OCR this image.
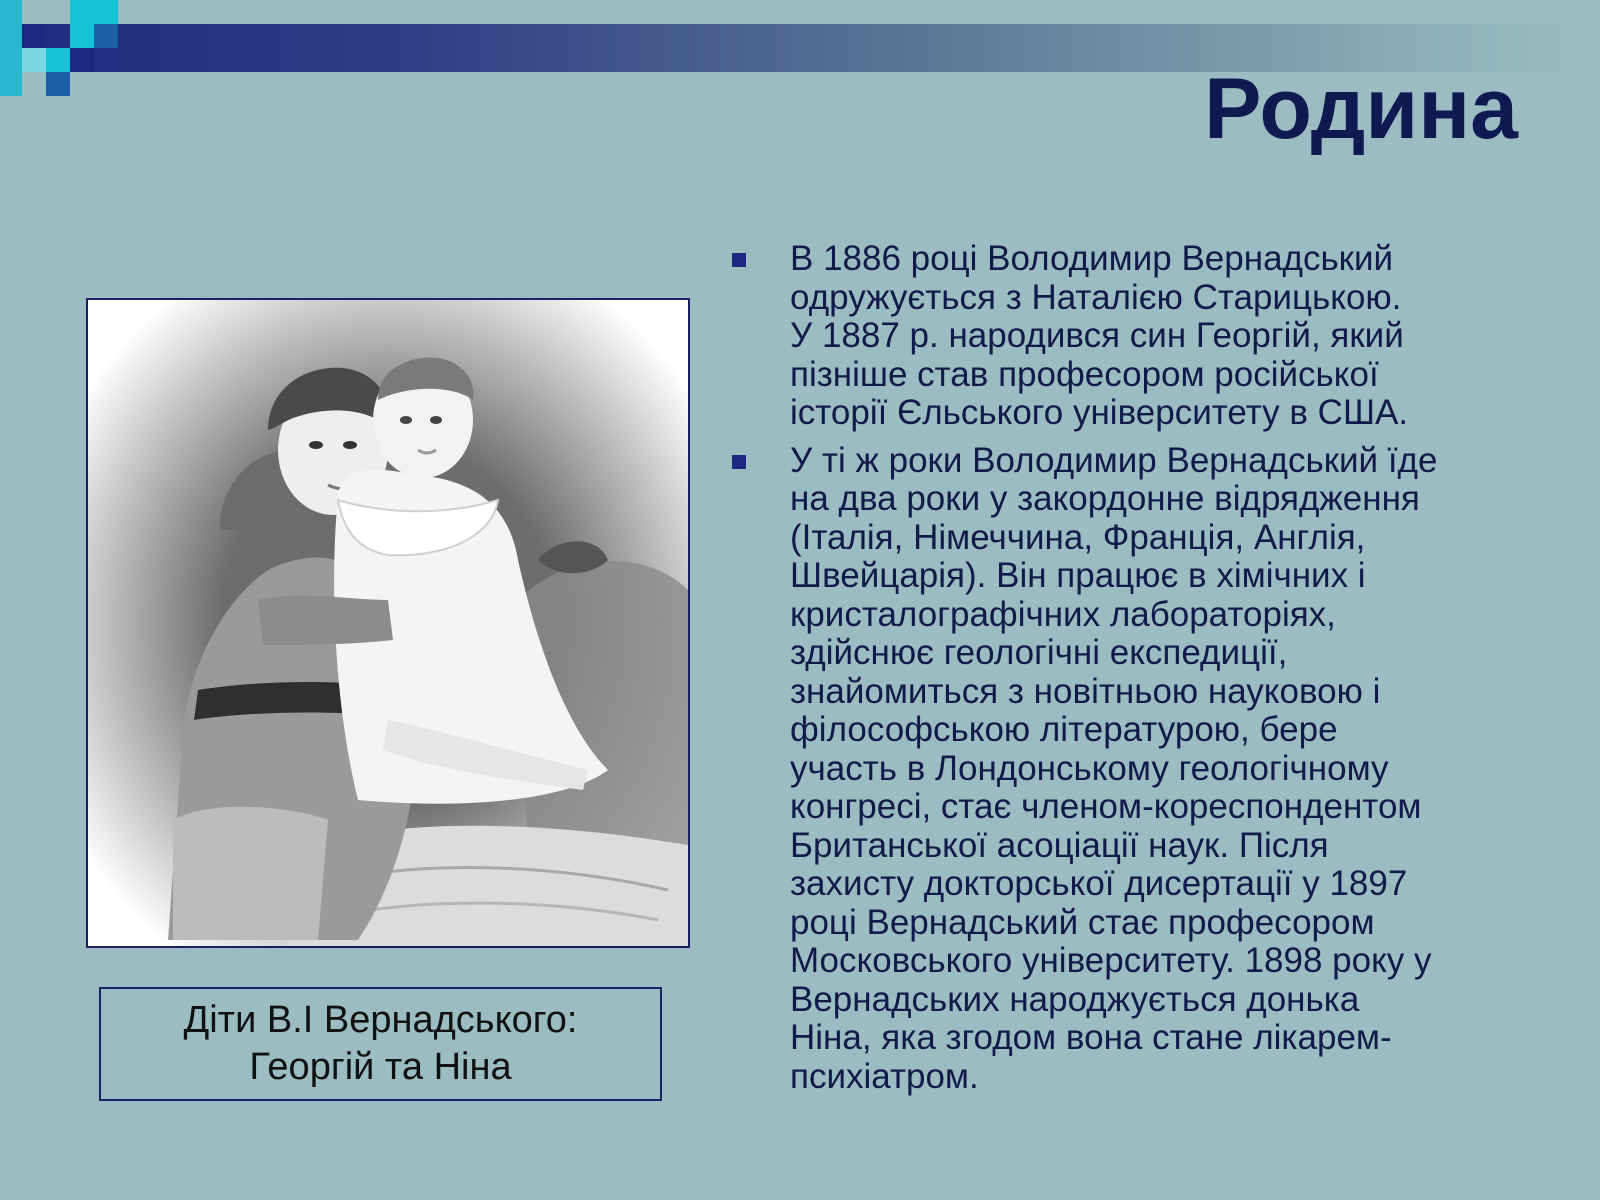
Родина
Діти В.І Вернадського:
Георгій та Ніна
В 1886 році Володимир Вернадський
одружується з Наталією Старицькою.
У 1887 р. народився син Георгій, який
пізніше став професором російської
історії Єльського університету в США.
У ті ж роки Володимир Вернадський їде
на два роки у закордонне відрядження
(Італія, Німеччина, Франція, Англія,
Швейцарія). Він працює в хімічних і
кристалографічних лабораторіях,
здійснює геологічні експедиції,
знайомиться з новітньою науковою і
філософською літературою, бере
участь в Лондонському геологічному
конгресі, стає членом-кореспондентом
Британської асоціації наук. Після
захисту докторської дисертації у 1897
році Вернадський стає професором
Московського університету. 1898 року у
Вернадських народжується донька
Ніна, яка згодом вона стане лікарем-
психіатром.
